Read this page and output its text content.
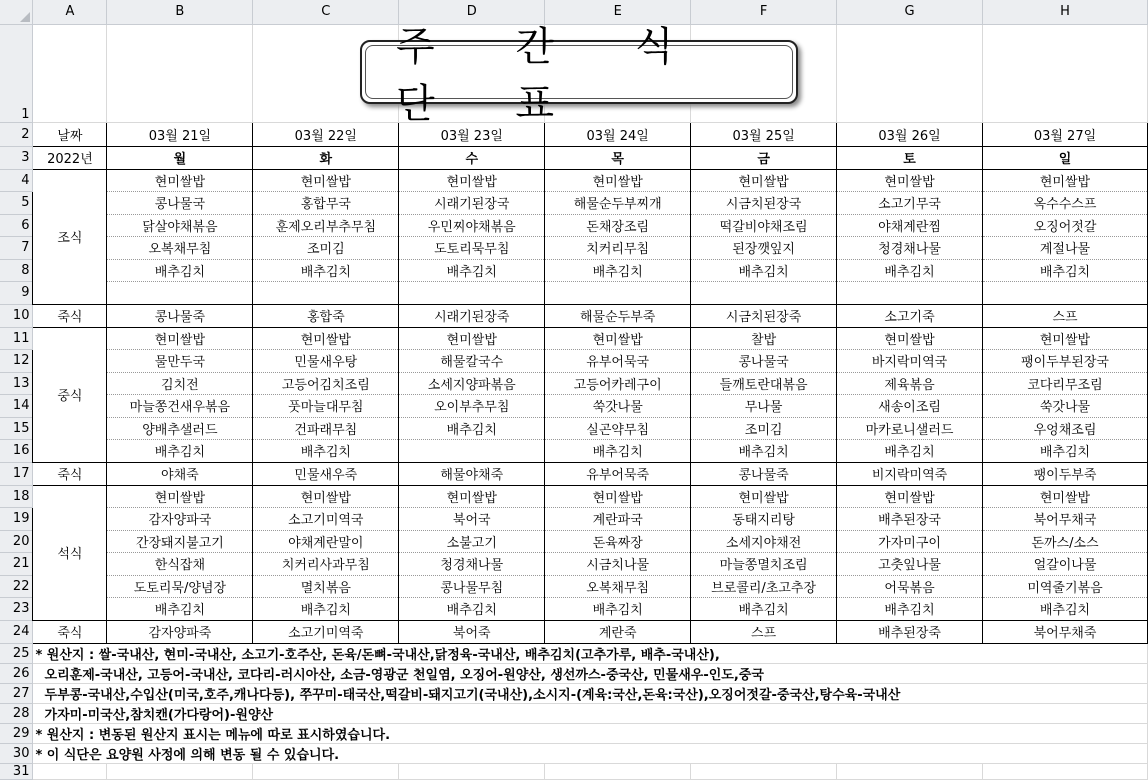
	A	B	C	D	E	F	G	H
1								
2	날짜	03월 21일	03월 22일	03월 23일	03월 24일	03월 25일	03월 26일	03월 27일
3	2022년	월	화	수	목	금	토	일
4	조식	현미쌀밥	현미쌀밥	현미쌀밥	현미쌀밥	현미쌀밥	현미쌀밥	현미쌀밥
5		콩나물국	홍합무국	시래기된장국	해물순두부찌개	시금치된장국	소고기무국	옥수수스프
6		닭살야채볶음	훈제오리부추무침	우민찌야채볶음	돈채장조림	떡갈비야채조림	야채계란찜	오징어젓갈
7		오복채무침	조미김	도토리묵무침	치커리무침	된장깻잎지	청경채나물	계절나물
8		배추김치	배추김치	배추김치	배추김치	배추김치	배추김치	배추김치
9								
10	죽식	콩나물죽	홍합죽	시래기된장죽	해물순두부죽	시금치된장죽	소고기죽	스프
11	중식	현미쌀밥	현미쌀밥	현미쌀밥	현미쌀밥	찰밥	현미쌀밥	현미쌀밥
12		물만두국	민물새우탕	해물칼국수	유부어묵국	콩나물국	바지락미역국	팽이두부된장국
13		김치전	고등어김치조림	소세지양파볶음	고등어카레구이	들깨토란대볶음	제육볶음	코다리무조림
14		마늘쫑건새우볶음	풋마늘대무침	오이부추무침	쑥갓나물	무나물	새송이조림	쑥갓나물
15		양배추샐러드	건파래무침	배추김치	실곤약무침	조미김	마카로니샐러드	우엉채조림
16		배추김치	배추김치		배추김치	배추김치	배추김치	배추김치
17	죽식	야채죽	민물새우죽	해물야채죽	유부어묵죽	콩나물죽	비지락미역죽	팽이두부죽
18	석식	현미쌀밥	현미쌀밥	현미쌀밥	현미쌀밥	현미쌀밥	현미쌀밥	현미쌀밥
19		감자양파국	소고기미역국	북어국	계란파국	동태지리탕	배추된장국	북어무채국
20		간장돼지불고기	야채계란말이	소불고기	돈육짜장	소세지야채전	가자미구이	돈까스/소스
21		한식잡채	치커리사과무침	청경채나물	시금치나물	마늘쫑멸치조림	고춧잎나물	얼갈이나물
22		도토리묵/양념장	멸치볶음	콩나물무침	오복채무침	브로콜리/초고추장	어묵볶음	미역줄기볶음
23		배추김치	배추김치	배추김치	배추김치	배추김치	배추김치	배추김치
24	죽식	감자양파죽	소고기미역죽	북어죽	계란죽	스프	배추된장죽	북어무채죽
25	* 원산지 : 쌀-국내산, 현미-국내산, 소고기-호주산, 돈육/돈뼈-국내산,닭정육-국내산, 배추김치(고추가루, 배추-국내산),							
26	오리훈제-국내산, 고등어-국내산, 코다리-러시아산, 소금-영광군 천일염, 오징어-원양산, 생선까스-중국산, 민물새우-인도,중국							
27	두부콩-국내산,수입산(미국,호주,캐나다등), 쭈꾸미-태국산,떡갈비-돼지고기(국내산),소시지-(계육:국산,돈육:국산),오징어젓갈-중국산,탕수육-국내산							
28	가자미-미국산,참치캔(가다랑어)-원양산							
29	* 원산지 : 변동된 원산지 표시는 메뉴에 따로 표시하였습니다.							
30	* 이 식단은 요양원 사정에 의해 변동 될 수 있습니다.							
31								
주 간 식 단 표
